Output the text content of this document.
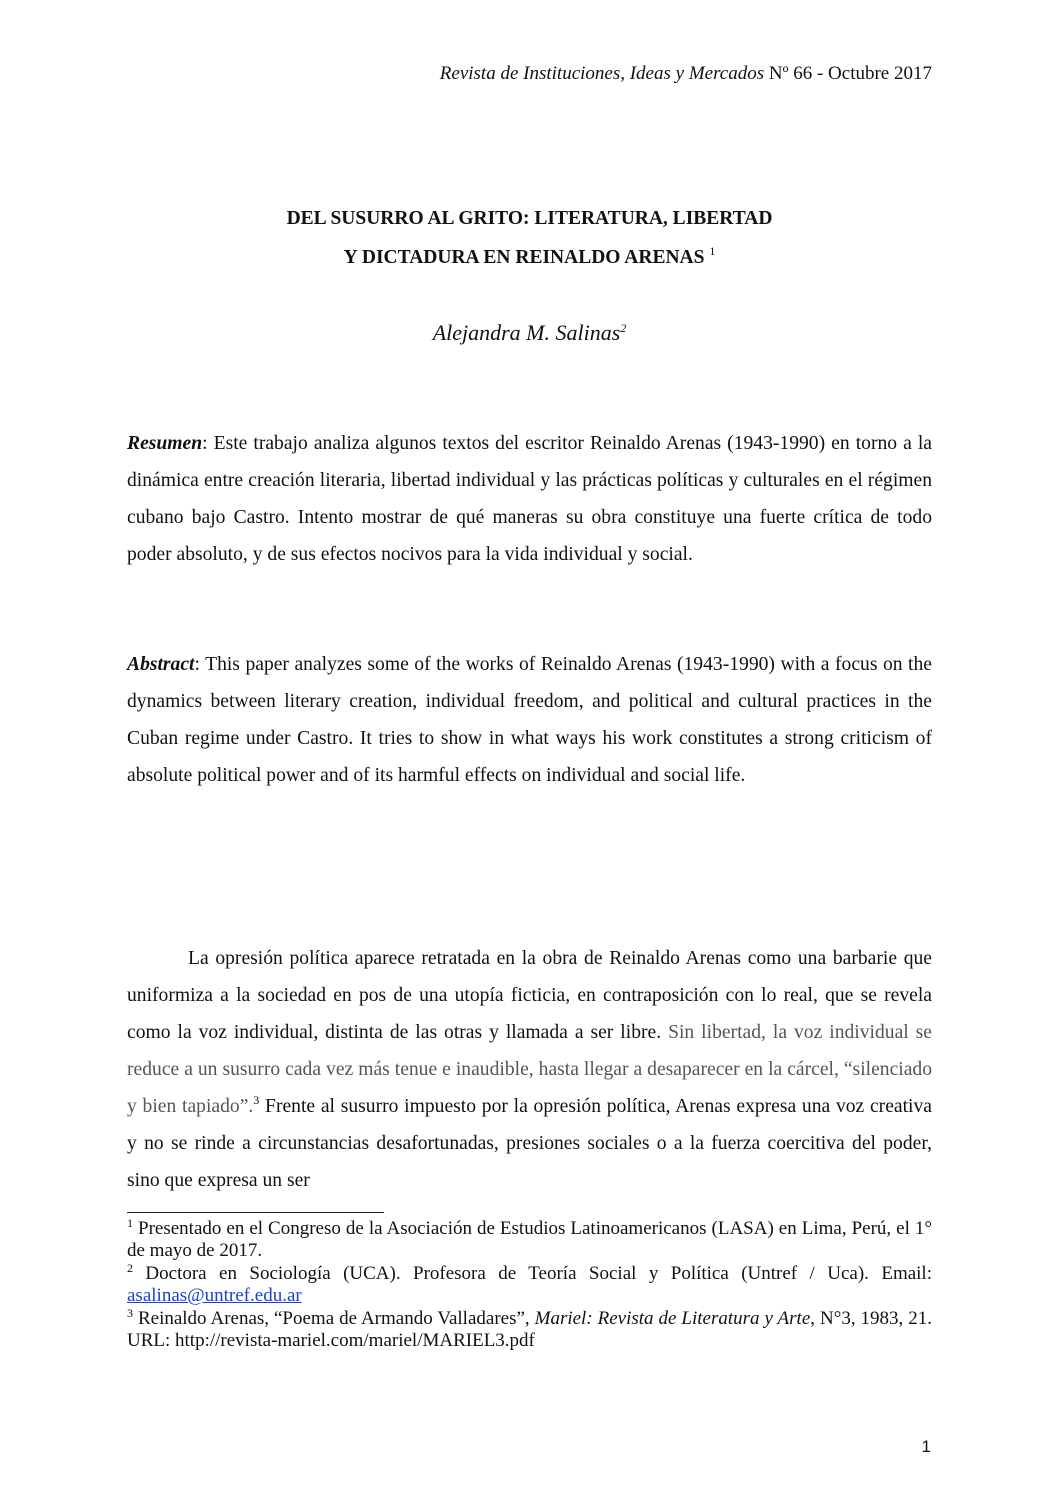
Revista de Instituciones, Ideas y Mercados Nº 66 - Octubre 2017
DEL SUSURRO AL GRITO: LITERATURA, LIBERTAD
Y DICTADURA EN REINALDO ARENAS $^1$
Alejandra M. Salinas$^2$

Resumen: Este trabajo analiza algunos textos del escritor Reinaldo Arenas (1943-1990) en torno a la dinámica entre creación literaria, libertad individual y las prácticas políticas y culturales en el régimen cubano bajo Castro. Intento mostrar de qué maneras su obra constituye una fuerte crítica de todo poder absoluto, y de sus efectos nocivos para la vida individual y social.

Abstract: This paper analyzes some of the works of Reinaldo Arenas (1943-1990) with a focus on the dynamics between literary creation, individual freedom, and political and cultural practices in the Cuban regime under Castro. It tries to show in what ways his work constitutes a strong criticism of absolute political power and of its harmful effects on individual and social life.

La opresión política aparece retratada en la obra de Reinaldo Arenas como una barbarie que uniformiza a la sociedad en pos de una utopía ficticia, en contraposición con lo real, que se revela como la voz individual, distinta de las otras y llamada a ser libre. Sin libertad, la voz individual se reduce a un susurro cada vez más tenue e inaudible, hasta llegar a desaparecer en la cárcel, “silenciado y bien tapiado”.$^3$ Frente al susurro impuesto por la opresión política, Arenas expresa una voz creativa y no se rinde a circunstancias desafortunadas, presiones sociales o a la fuerza coercitiva del poder, sino que expresa un ser

$^1$ Presentado en el Congreso de la Asociación de Estudios Latinoamericanos (LASA) en Lima, Perú, el 1° de mayo de 2017.

$^2$ Doctora en Sociología (UCA). Profesora de Teoría Social y Política (Untref / Uca). Email: asalinas@untref.edu.ar

$^3$ Reinaldo Arenas, “Poema de Armando Valladares”, Mariel: Revista de Literatura y Arte, N°3, 1983, 21. URL: http://revista-mariel.com/mariel/MARIEL3.pdf

1
